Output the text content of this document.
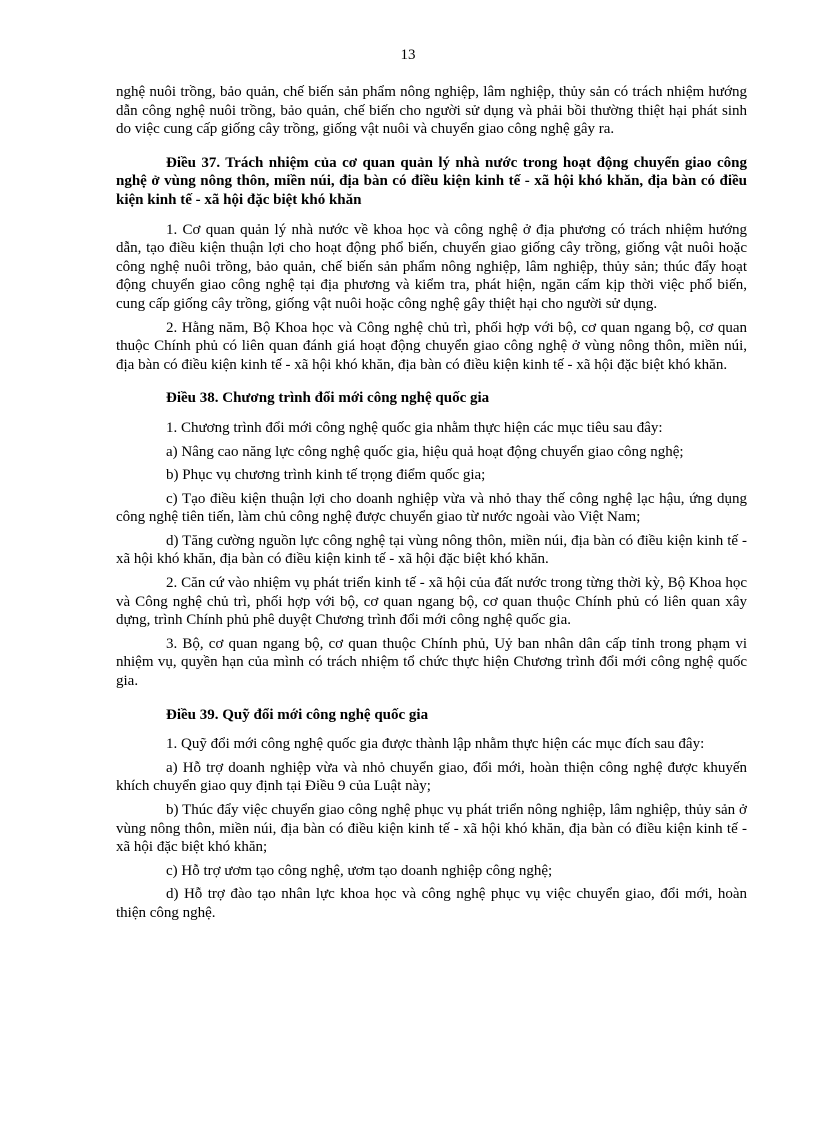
13

nghệ nuôi trồng, bảo quản, chế biến sản phẩm nông nghiệp, lâm nghiệp, thủy sản có trách nhiệm hướng dẫn công nghệ nuôi trồng, bảo quản, chế biến cho người sử dụng và phải bồi thường thiệt hại phát sinh do việc cung cấp giống cây trồng, giống vật nuôi và chuyển giao công nghệ gây ra.

Điều 37. Trách nhiệm của cơ quan quản lý nhà nước trong hoạt động chuyển giao công nghệ ở vùng nông thôn, miền núi, địa bàn có điều kiện kinh tế - xã hội khó khăn, địa bàn có điều kiện kinh tế - xã hội đặc biệt khó khăn

1. Cơ quan quản lý nhà nước về khoa học và công nghệ ở địa phương có trách nhiệm hướng dẫn, tạo điều kiện thuận lợi cho hoạt động phổ biến, chuyển giao giống cây trồng, giống vật nuôi hoặc công nghệ nuôi trồng, bảo quản, chế biến sản phẩm nông nghiệp, lâm nghiệp, thủy sản; thúc đẩy hoạt động chuyển giao công nghệ tại địa phương và kiểm tra, phát hiện, ngăn cấm kịp thời việc phổ biến, cung cấp giống cây trồng, giống vật nuôi hoặc công nghệ gây thiệt hại cho người sử dụng.

2. Hằng năm, Bộ Khoa học và Công nghệ chủ trì, phối hợp với bộ, cơ quan ngang bộ, cơ quan thuộc Chính phủ có liên quan đánh giá hoạt động chuyển giao công nghệ ở vùng nông thôn, miền núi, địa bàn có điều kiện kinh tế - xã hội khó khăn, địa bàn có điều kiện kinh tế - xã hội đặc biệt khó khăn.

Điều 38. Chương trình đổi mới công nghệ quốc gia

1. Chương trình đổi mới công nghệ quốc gia nhằm thực hiện các mục tiêu sau đây:

a) Nâng cao năng lực công nghệ quốc gia, hiệu quả hoạt động chuyển giao công nghệ;

b) Phục vụ chương trình kinh tế trọng điểm quốc gia;

c) Tạo điều kiện thuận lợi cho doanh nghiệp vừa và nhỏ thay thế công nghệ lạc hậu, ứng dụng công nghệ tiên tiến, làm chủ công nghệ được chuyển giao từ nước ngoài vào Việt Nam;

d) Tăng cường nguồn lực công nghệ tại vùng nông thôn, miền núi, địa bàn có điều kiện kinh tế - xã hội khó khăn, địa bàn có điều kiện kinh tế - xã hội đặc biệt khó khăn.

2. Căn cứ vào nhiệm vụ phát triển kinh tế - xã hội của đất nước trong từng thời kỳ, Bộ Khoa học và Công nghệ chủ trì, phối hợp với bộ, cơ quan ngang bộ, cơ quan thuộc Chính phủ có liên quan xây dựng, trình Chính phủ phê duyệt Chương trình đổi mới công nghệ quốc gia.

3. Bộ, cơ quan ngang bộ, cơ quan thuộc Chính phủ, Uỷ ban nhân dân cấp tỉnh trong phạm vi nhiệm vụ, quyền hạn của mình có trách nhiệm tổ chức thực hiện Chương trình đổi mới công nghệ quốc gia.

Điều 39. Quỹ đổi mới công nghệ quốc gia

1. Quỹ đổi mới công nghệ quốc gia được thành lập nhằm thực hiện các mục đích sau đây:

a) Hỗ trợ doanh nghiệp vừa và nhỏ chuyển giao, đổi mới, hoàn thiện công nghệ được khuyến khích chuyển giao quy định tại Điều 9 của Luật này;

b) Thúc đẩy việc chuyển giao công nghệ phục vụ phát triển nông nghiệp, lâm nghiệp, thủy sản ở vùng nông thôn, miền núi, địa bàn có điều kiện kinh tế - xã hội khó khăn, địa bàn có điều kiện kinh tế - xã hội đặc biệt khó khăn;

c) Hỗ trợ ươm tạo công nghệ, ươm tạo doanh nghiệp công nghệ;

d) Hỗ trợ đào tạo nhân lực khoa học và công nghệ phục vụ việc chuyển giao, đổi mới, hoàn thiện công nghệ.
